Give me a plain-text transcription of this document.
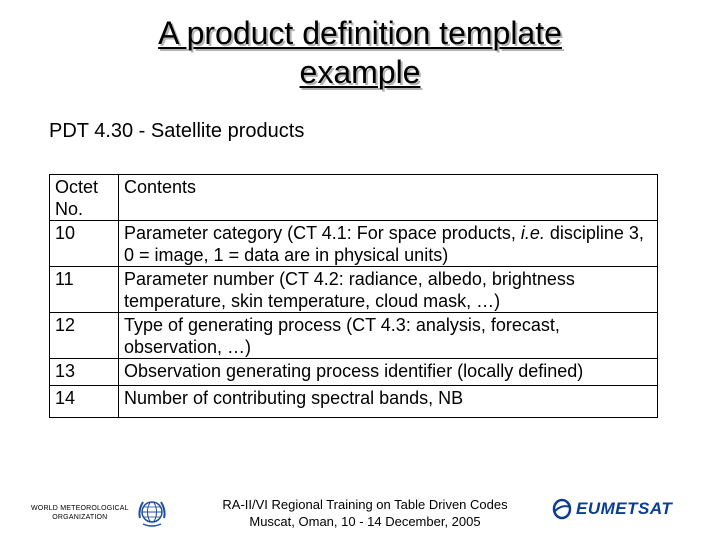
A product definition template
example
PDT 4.30 - Satellite products
Octet No.	Contents
10	Parameter category (CT 4.1: For space products, i.e. discipline 3, 0 = image, 1 = data are in physical units)
11	Parameter number (CT 4.2: radiance, albedo, brightness temperature, skin temperature, cloud mask, …)
12	Type of generating process (CT 4.3: analysis, forecast, observation, …)
13	Observation generating process identifier (locally defined)
14	Number of contributing spectral bands, NB
WORLD METEOROLOGICAL
ORGANIZATION
RA-II/VI Regional Training on Table Driven Codes
Muscat, Oman, 10 - 14 December, 2005
EUMETSAT
